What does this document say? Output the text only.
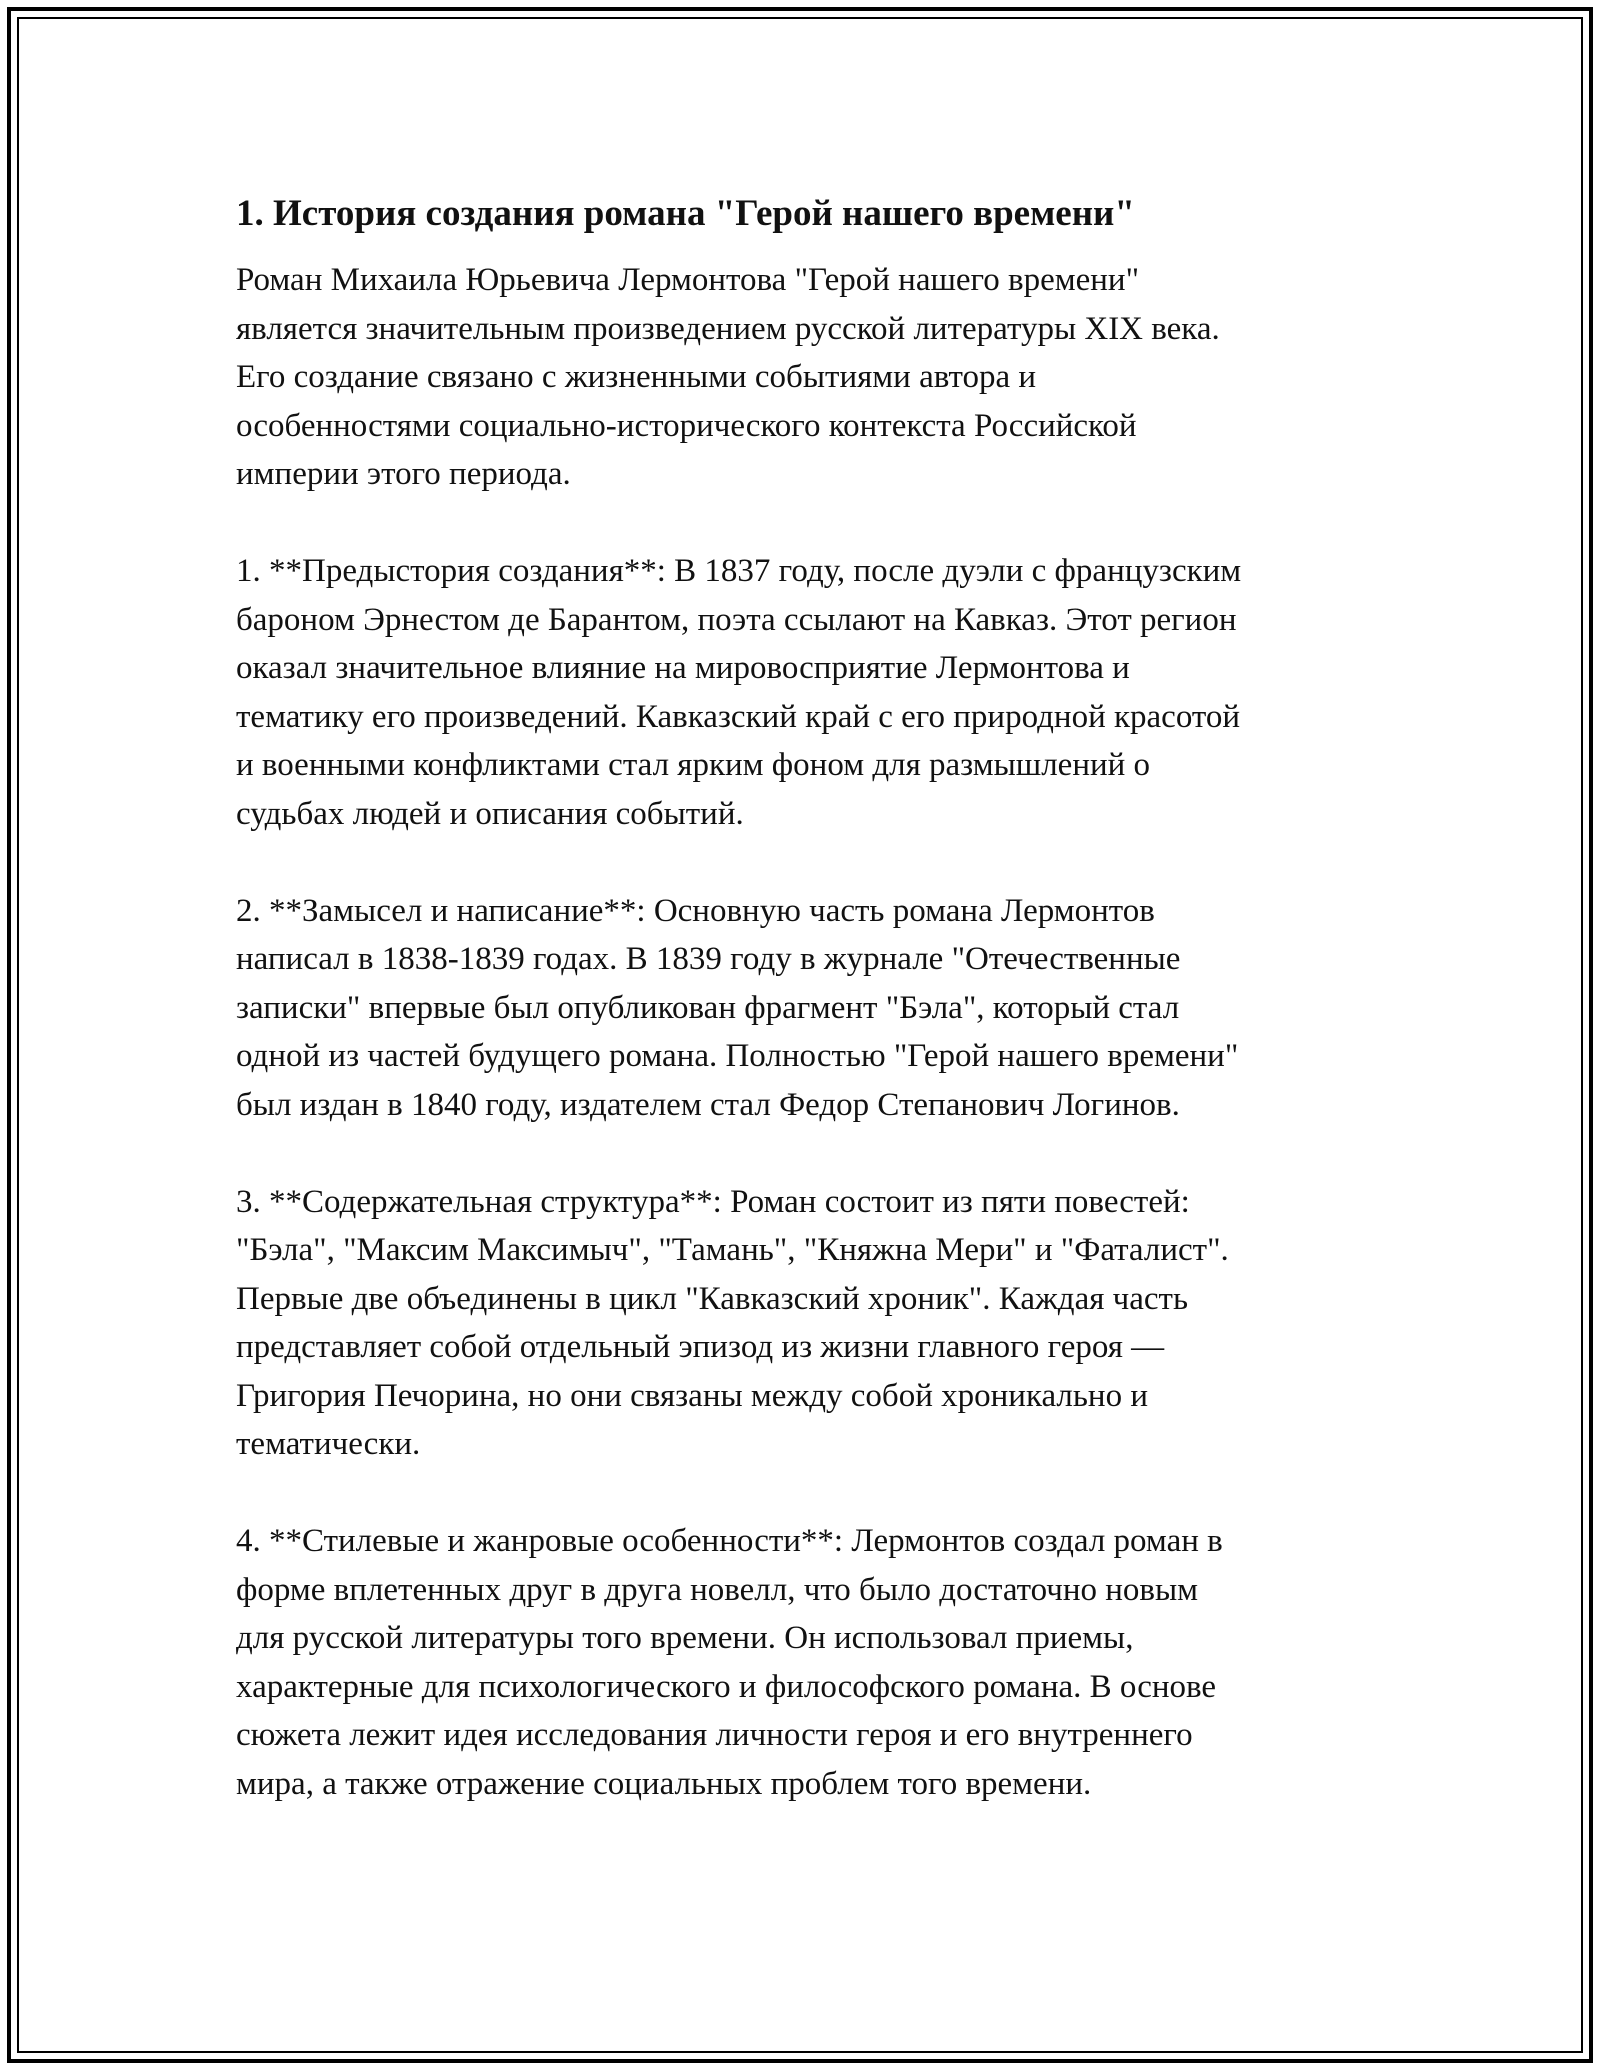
1. История создания романа "Герой нашего времени"
Роман Михаила Юрьевича Лермонтова "Герой нашего времени"
является значительным произведением русской литературы XIX века.
Его создание связано с жизненными событиями автора и
особенностями социально-исторического контекста Российской
империи этого периода.
1. **Предыстория создания**: В 1837 году, после дуэли с французским
бароном Эрнестом де Барантом, поэта ссылают на Кавказ. Этот регион
оказал значительное влияние на мировосприятие Лермонтова и
тематику его произведений. Кавказский край с его природной красотой
и военными конфликтами стал ярким фоном для размышлений о
судьбах людей и описания событий.
2. **Замысел и написание**: Основную часть романа Лермонтов
написал в 1838-1839 годах. В 1839 году в журнале "Отечественные
записки" впервые был опубликован фрагмент "Бэла", который стал
одной из частей будущего романа. Полностью "Герой нашего времени"
был издан в 1840 году, издателем стал Федор Степанович Логинов.
3. **Содержательная структура**: Роман состоит из пяти повестей:
"Бэла", "Максим Максимыч", "Тамань", "Княжна Мери" и "Фаталист".
Первые две объединены в цикл "Кавказский хроник". Каждая часть
представляет собой отдельный эпизод из жизни главного героя —
Григория Печорина, но они связаны между собой хроникально и
тематически.
4. **Стилевые и жанровые особенности**: Лермонтов создал роман в
форме вплетенных друг в друга новелл, что было достаточно новым
для русской литературы того времени. Он использовал приемы,
характерные для психологического и философского романа. В основе
сюжета лежит идея исследования личности героя и его внутреннего
мира, а также отражение социальных проблем того времени.
